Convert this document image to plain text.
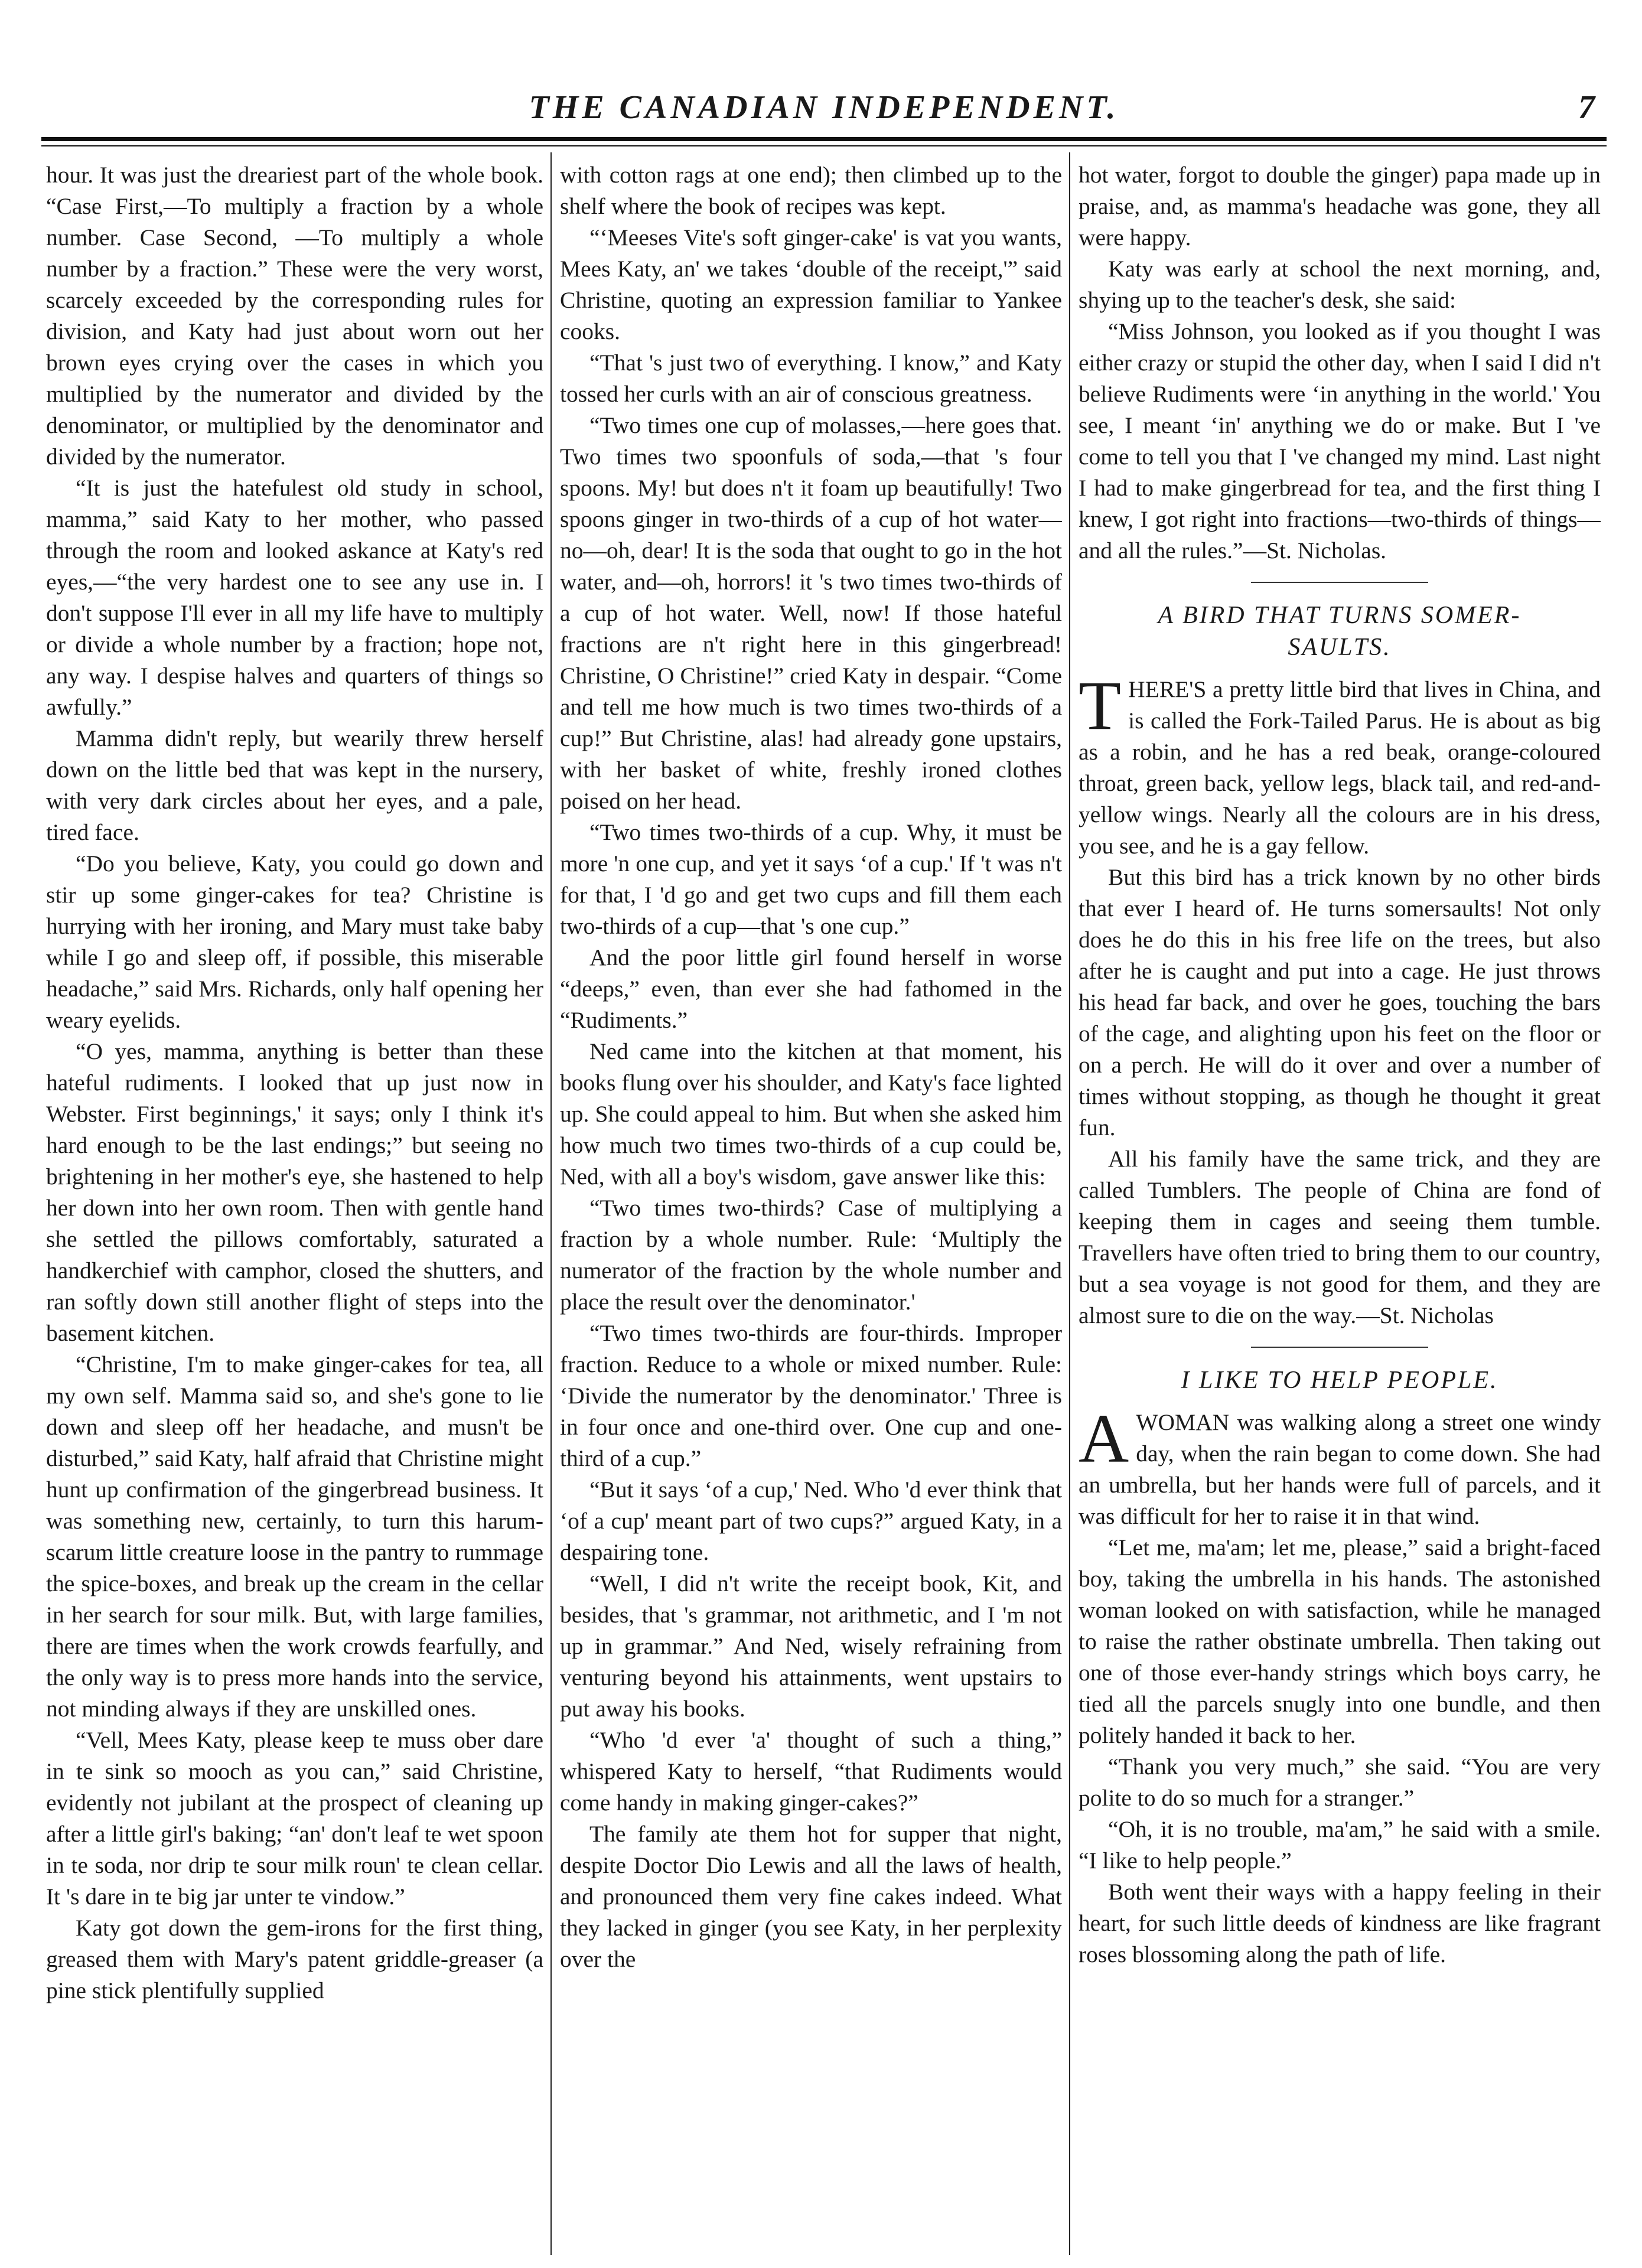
THE CANADIAN INDEPENDENT.	7

hour. It was just the dreariest part of the whole book. “Case First,—To multiply a fraction by a whole number. Case Second, —To multiply a whole number by a fraction.” These were the very worst, scarcely exceeded by the corresponding rules for division, and Katy had just about worn out her brown eyes crying over the cases in which you multiplied by the numerator and divided by the denominator, or multiplied by the denominator and divided by the numerator.

“It is just the hatefulest old study in school, mamma,” said Katy to her mother, who passed through the room and looked askance at Katy's red eyes,—“the very hardest one to see any use in. I don't suppose I'll ever in all my life have to multiply or divide a whole number by a fraction; hope not, any way. I despise halves and quarters of things so awfully.”

Mamma didn't reply, but wearily threw herself down on the little bed that was kept in the nursery, with very dark circles about her eyes, and a pale, tired face.

“Do you believe, Katy, you could go down and stir up some ginger-cakes for tea? Christine is hurrying with her ironing, and Mary must take baby while I go and sleep off, if possible, this miserable headache,” said Mrs. Richards, only half opening her weary eyelids.

“O yes, mamma, anything is better than these hateful rudiments. I looked that up just now in Webster. First beginnings,' it says; only I think it's hard enough to be the last endings;” but seeing no brightening in her mother's eye, she hastened to help her down into her own room. Then with gentle hand she settled the pillows comfortably, saturated a handkerchief with camphor, closed the shutters, and ran softly down still another flight of steps into the basement kitchen.

“Christine, I'm to make ginger-cakes for tea, all my own self. Mamma said so, and she's gone to lie down and sleep off her headache, and musn't be disturbed,” said Katy, half afraid that Christine might hunt up confirmation of the gingerbread business. It was something new, certainly, to turn this harum-scarum little creature loose in the pantry to rummage the spice-boxes, and break up the cream in the cellar in her search for sour milk. But, with large families, there are times when the work crowds fearfully, and the only way is to press more hands into the service, not minding always if they are unskilled ones.

“Vell, Mees Katy, please keep te muss ober dare in te sink so mooch as you can,” said Christine, evidently not jubilant at the prospect of cleaning up after a little girl's baking; “an' don't leaf te wet spoon in te soda, nor drip te sour milk roun' te clean cellar. It 's dare in te big jar unter te vindow.”

Katy got down the gem-irons for the first thing, greased them with Mary's patent griddle-greaser (a pine stick plentifully supplied

with cotton rags at one end); then climbed up to the shelf where the book of recipes was kept.

“‘Meeses Vite's soft ginger-cake' is vat you wants, Mees Katy, an' we takes ‘double of the receipt,'” said Christine, quoting an expression familiar to Yankee cooks.

“That 's just two of everything. I know,” and Katy tossed her curls with an air of conscious greatness.

“Two times one cup of molasses,—here goes that. Two times two spoonfuls of soda,—that 's four spoons. My! but does n't it foam up beautifully! Two spoons ginger in two-thirds of a cup of hot water—no—oh, dear! It is the soda that ought to go in the hot water, and—oh, horrors! it 's two times two-thirds of a cup of hot water. Well, now! If those hateful fractions are n't right here in this gingerbread! Christine, O Christine!” cried Katy in despair. “Come and tell me how much is two times two-thirds of a cup!” But Christine, alas! had already gone upstairs, with her basket of white, freshly ironed clothes poised on her head.

“Two times two-thirds of a cup. Why, it must be more 'n one cup, and yet it says ‘of a cup.' If 't was n't for that, I 'd go and get two cups and fill them each two-thirds of a cup—that 's one cup.”

And the poor little girl found herself in worse “deeps,” even, than ever she had fathomed in the “Rudiments.”

Ned came into the kitchen at that moment, his books flung over his shoulder, and Katy's face lighted up. She could appeal to him. But when she asked him how much two times two-thirds of a cup could be, Ned, with all a boy's wisdom, gave answer like this:

“Two times two-thirds? Case of multiplying a fraction by a whole number. Rule: ‘Multiply the numerator of the fraction by the whole number and place the result over the denominator.'

“Two times two-thirds are four-thirds. Improper fraction. Reduce to a whole or mixed number. Rule: ‘Divide the numerator by the denominator.' Three is in four once and one-third over. One cup and one-third of a cup.”

“But it says ‘of a cup,' Ned. Who 'd ever think that ‘of a cup' meant part of two cups?” argued Katy, in a despairing tone.

“Well, I did n't write the receipt book, Kit, and besides, that 's grammar, not arithmetic, and I 'm not up in grammar.” And Ned, wisely refraining from venturing beyond his attainments, went upstairs to put away his books.

“Who 'd ever 'a' thought of such a thing,” whispered Katy to herself, “that Rudiments would come handy in making ginger-cakes?”

The family ate them hot for supper that night, despite Doctor Dio Lewis and all the laws of health, and pronounced them very fine cakes indeed. What they lacked in ginger (you see Katy, in her perplexity over the

hot water, forgot to double the ginger) papa made up in praise, and, as mamma's headache was gone, they all were happy.

Katy was early at school the next morning, and, shying up to the teacher's desk, she said:

“Miss Johnson, you looked as if you thought I was either crazy or stupid the other day, when I said I did n't believe Rudiments were ‘in anything in the world.' You see, I meant ‘in' anything we do or make. But I 've come to tell you that I 've changed my mind. Last night I had to make gingerbread for tea, and the first thing I knew, I got right into fractions—two-thirds of things—and all the rules.”—St. Nicholas.

A BIRD THAT TURNS SOMER-
SAULTS.

THERE'S a pretty little bird that lives in China, and is called the Fork-Tailed Parus. He is about as big as a robin, and he has a red beak, orange-coloured throat, green back, yellow legs, black tail, and red-and-yellow wings. Nearly all the colours are in his dress, you see, and he is a gay fellow.

But this bird has a trick known by no other birds that ever I heard of. He turns somersaults! Not only does he do this in his free life on the trees, but also after he is caught and put into a cage. He just throws his head far back, and over he goes, touching the bars of the cage, and alighting upon his feet on the floor or on a perch. He will do it over and over a number of times without stopping, as though he thought it great fun.

All his family have the same trick, and they are called Tumblers. The people of China are fond of keeping them in cages and seeing them tumble. Travellers have often tried to bring them to our country, but a sea voyage is not good for them, and they are almost sure to die on the way.—St. Nicholas

I LIKE TO HELP PEOPLE.

AWOMAN was walking along a street one windy day, when the rain began to come down. She had an umbrella, but her hands were full of parcels, and it was difficult for her to raise it in that wind.

“Let me, ma'am; let me, please,” said a bright-faced boy, taking the umbrella in his hands. The astonished woman looked on with satisfaction, while he managed to raise the rather obstinate umbrella. Then taking out one of those ever-handy strings which boys carry, he tied all the parcels snugly into one bundle, and then politely handed it back to her.

“Thank you very much,” she said. “You are very polite to do so much for a stranger.”

“Oh, it is no trouble, ma'am,” he said with a smile. “I like to help people.”

Both went their ways with a happy feeling in their heart, for such little deeds of kindness are like fragrant roses blossoming along the path of life.
